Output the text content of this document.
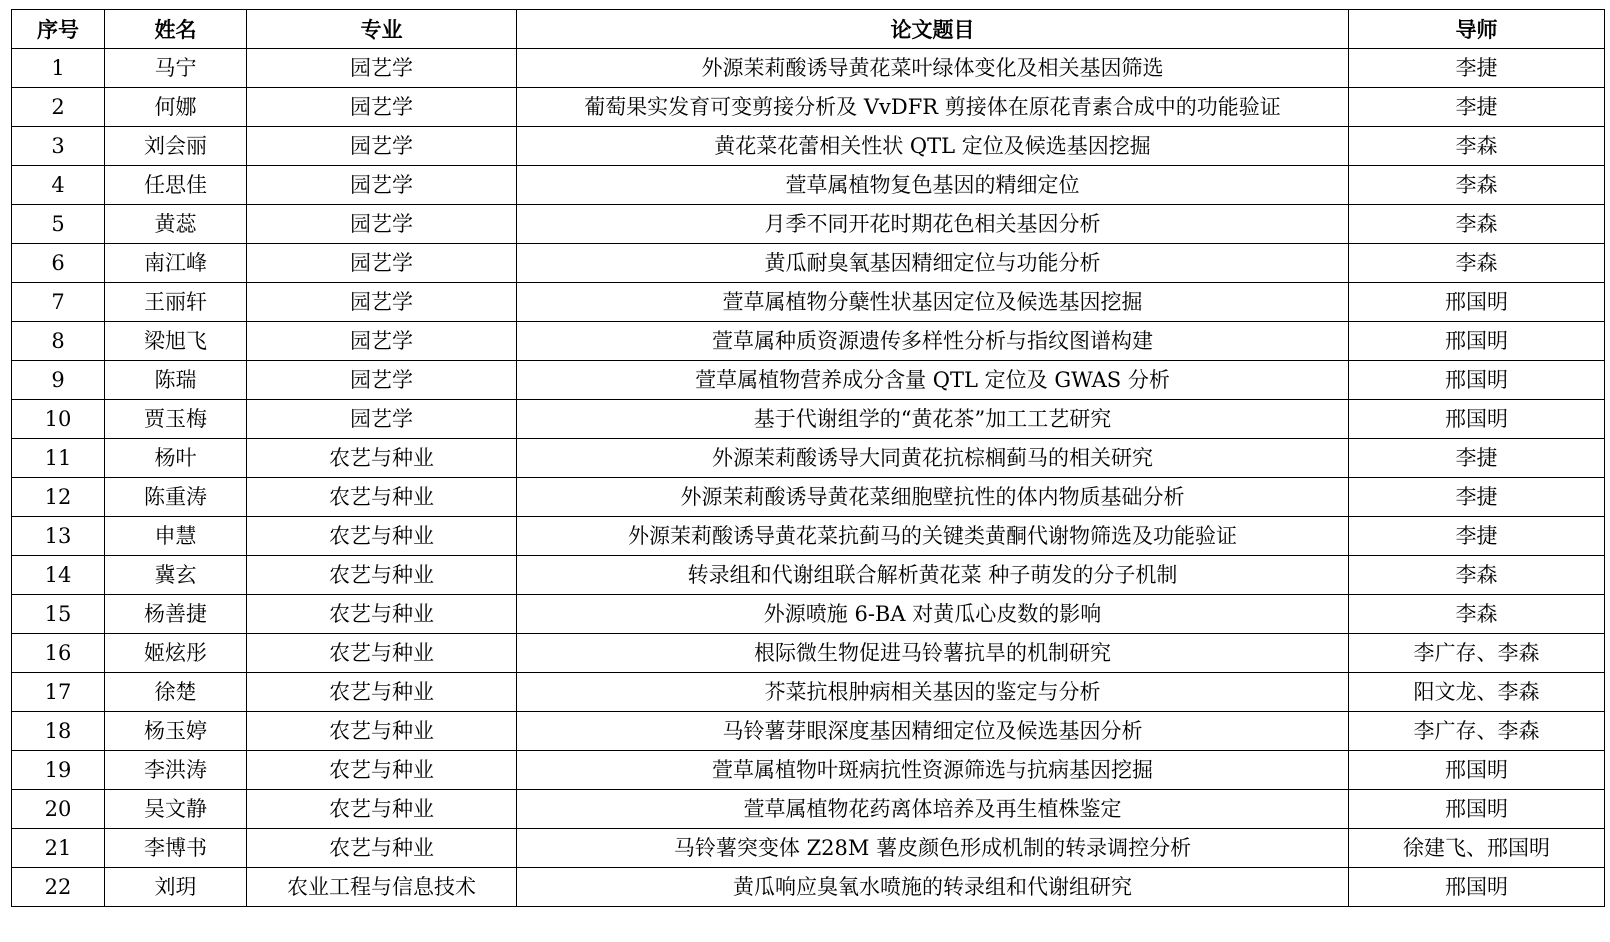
序号	姓名	专业	论文题目	导师
1	马宁	园艺学	外源茉莉酸诱导黄花菜叶绿体变化及相关基因筛选	李捷
2	何娜	园艺学	葡萄果实发育可变剪接分析及 VvDFR 剪接体在原花青素合成中的功能验证	李捷
3	刘会丽	园艺学	黄花菜花蕾相关性状 QTL 定位及候选基因挖掘	李森
4	任思佳	园艺学	萱草属植物复色基因的精细定位	李森
5	黄蕊	园艺学	月季不同开花时期花色相关基因分析	李森
6	南江峰	园艺学	黄瓜耐臭氧基因精细定位与功能分析	李森
7	王丽轩	园艺学	萱草属植物分蘖性状基因定位及候选基因挖掘	邢国明
8	梁旭飞	园艺学	萱草属种质资源遗传多样性分析与指纹图谱构建	邢国明
9	陈瑞	园艺学	萱草属植物营养成分含量 QTL 定位及 GWAS 分析	邢国明
10	贾玉梅	园艺学	基于代谢组学的“黄花茶”加工工艺研究	邢国明
11	杨叶	农艺与种业	外源茉莉酸诱导大同黄花抗棕榈蓟马的相关研究	李捷
12	陈重涛	农艺与种业	外源茉莉酸诱导黄花菜细胞壁抗性的体内物质基础分析	李捷
13	申慧	农艺与种业	外源茉莉酸诱导黄花菜抗蓟马的关键类黄酮代谢物筛选及功能验证	李捷
14	冀玄	农艺与种业	转录组和代谢组联合解析黄花菜 种子萌发的分子机制	李森
15	杨善捷	农艺与种业	外源喷施 6-BA 对黄瓜心皮数的影响	李森
16	姬炫彤	农艺与种业	根际微生物促进马铃薯抗旱的机制研究	李广存、李森
17	徐楚	农艺与种业	芥菜抗根肿病相关基因的鉴定与分析	阳文龙、李森
18	杨玉婷	农艺与种业	马铃薯芽眼深度基因精细定位及候选基因分析	李广存、李森
19	李洪涛	农艺与种业	萱草属植物叶斑病抗性资源筛选与抗病基因挖掘	邢国明
20	吴文静	农艺与种业	萱草属植物花药离体培养及再生植株鉴定	邢国明
21	李博书	农艺与种业	马铃薯突变体 Z28M 薯皮颜色形成机制的转录调控分析	徐建飞、邢国明
22	刘玥	农业工程与信息技术	黄瓜响应臭氧水喷施的转录组和代谢组研究	邢国明
